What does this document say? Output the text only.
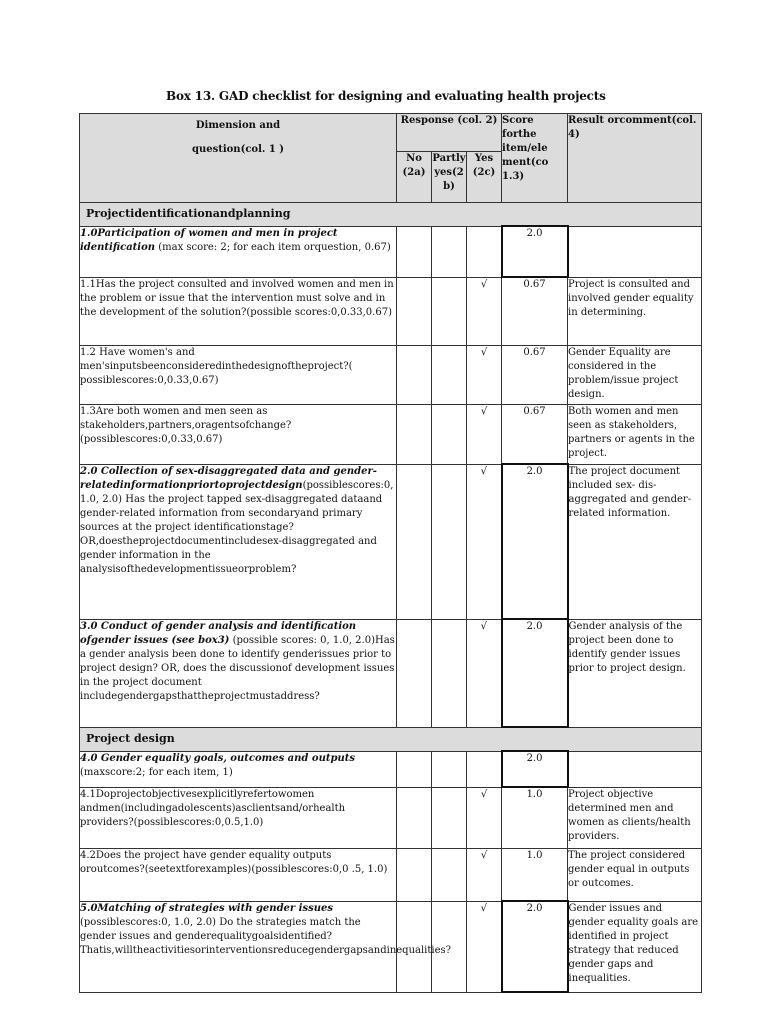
Box 13. GAD checklist for designing and evaluating health projects
Dimension and
question(col. 1 )	Response (col. 2)			Score forthe item/ele ment(co 1.3)	Result orcomment(col. 4)
	No (2a)	Partly yes(2 b)	Yes (2c)		
Projectidentificationandplanning					
1.0Participation of women and men in project identification (max score: 2; for each item orquestion, 0.67)				2.0	
1.1Has the project consulted and involved women and men in the problem or issue that the intervention must solve and in the development of the solution?(possible scores:0,0.33,0.67)			√	0.67	Project is consulted and involved gender equality in determining.
1.2 Have women's and men'sinputsbeenconsideredinthedesignoftheproject?( possiblescores:0,0.33,0.67)			√	0.67	Gender Equality are considered in the problem/issue project design.
1.3Are both women and men seen as stakeholders,partners,oragentsofchange?(possiblescores:0,0.33,0.67)			√	0.67	Both women and men seen as stakeholders, partners or agents in the project.
2.0 Collection of sex-disaggregated data and gender-relatedinformationpriortoprojectdesign(possiblescores:0, 1.0, 2.0) Has the project tapped sex-disaggregated dataand gender-related information from secondaryand primary sources at the project identificationstage?OR,doestheprojectdocumentincludesex-disaggregated and gender information in the analysisofthedevelopmentissueorproblem?			√	2.0	The project document included sex- dis-aggregated and gender-related information.
3.0 Conduct of gender analysis and identification ofgender issues (see box3) (possible scores: 0, 1.0, 2.0)Has a gender analysis been done to identify genderissues prior to project design? OR, does the discussionof development issues in the project document includegendergapsthattheprojectmustaddress?			√	2.0	Gender analysis of the project been done to identify gender issues prior to project design.
Project design					
4.0 Gender equality goals, outcomes and outputs (maxscore:2; for each item, 1)				2.0	
4.1Doprojectobjectivesexplicitlyrefertowomen andmen(includingadolescents)asclientsand/orhealth providers?(possiblescores:0,0.5,1.0)			√	1.0	Project objective determined men and women as clients/health providers.
4.2Does the project have gender equality outputs oroutcomes?(seetextforexamples)(possiblescores:0,0 .5, 1.0)			√	1.0	The project considered gender equal in outputs or outcomes.
5.0Matching of strategies with gender issues (possiblescores:0, 1.0, 2.0) Do the strategies match the gender issues and genderequalitygoalsidentified?Thatis,willtheactivitiesorinterventionsreducegendergapsandinequalities?			√	2.0	Gender issues and gender equality goals are identified in project strategy that reduced gender gaps and inequalities.
